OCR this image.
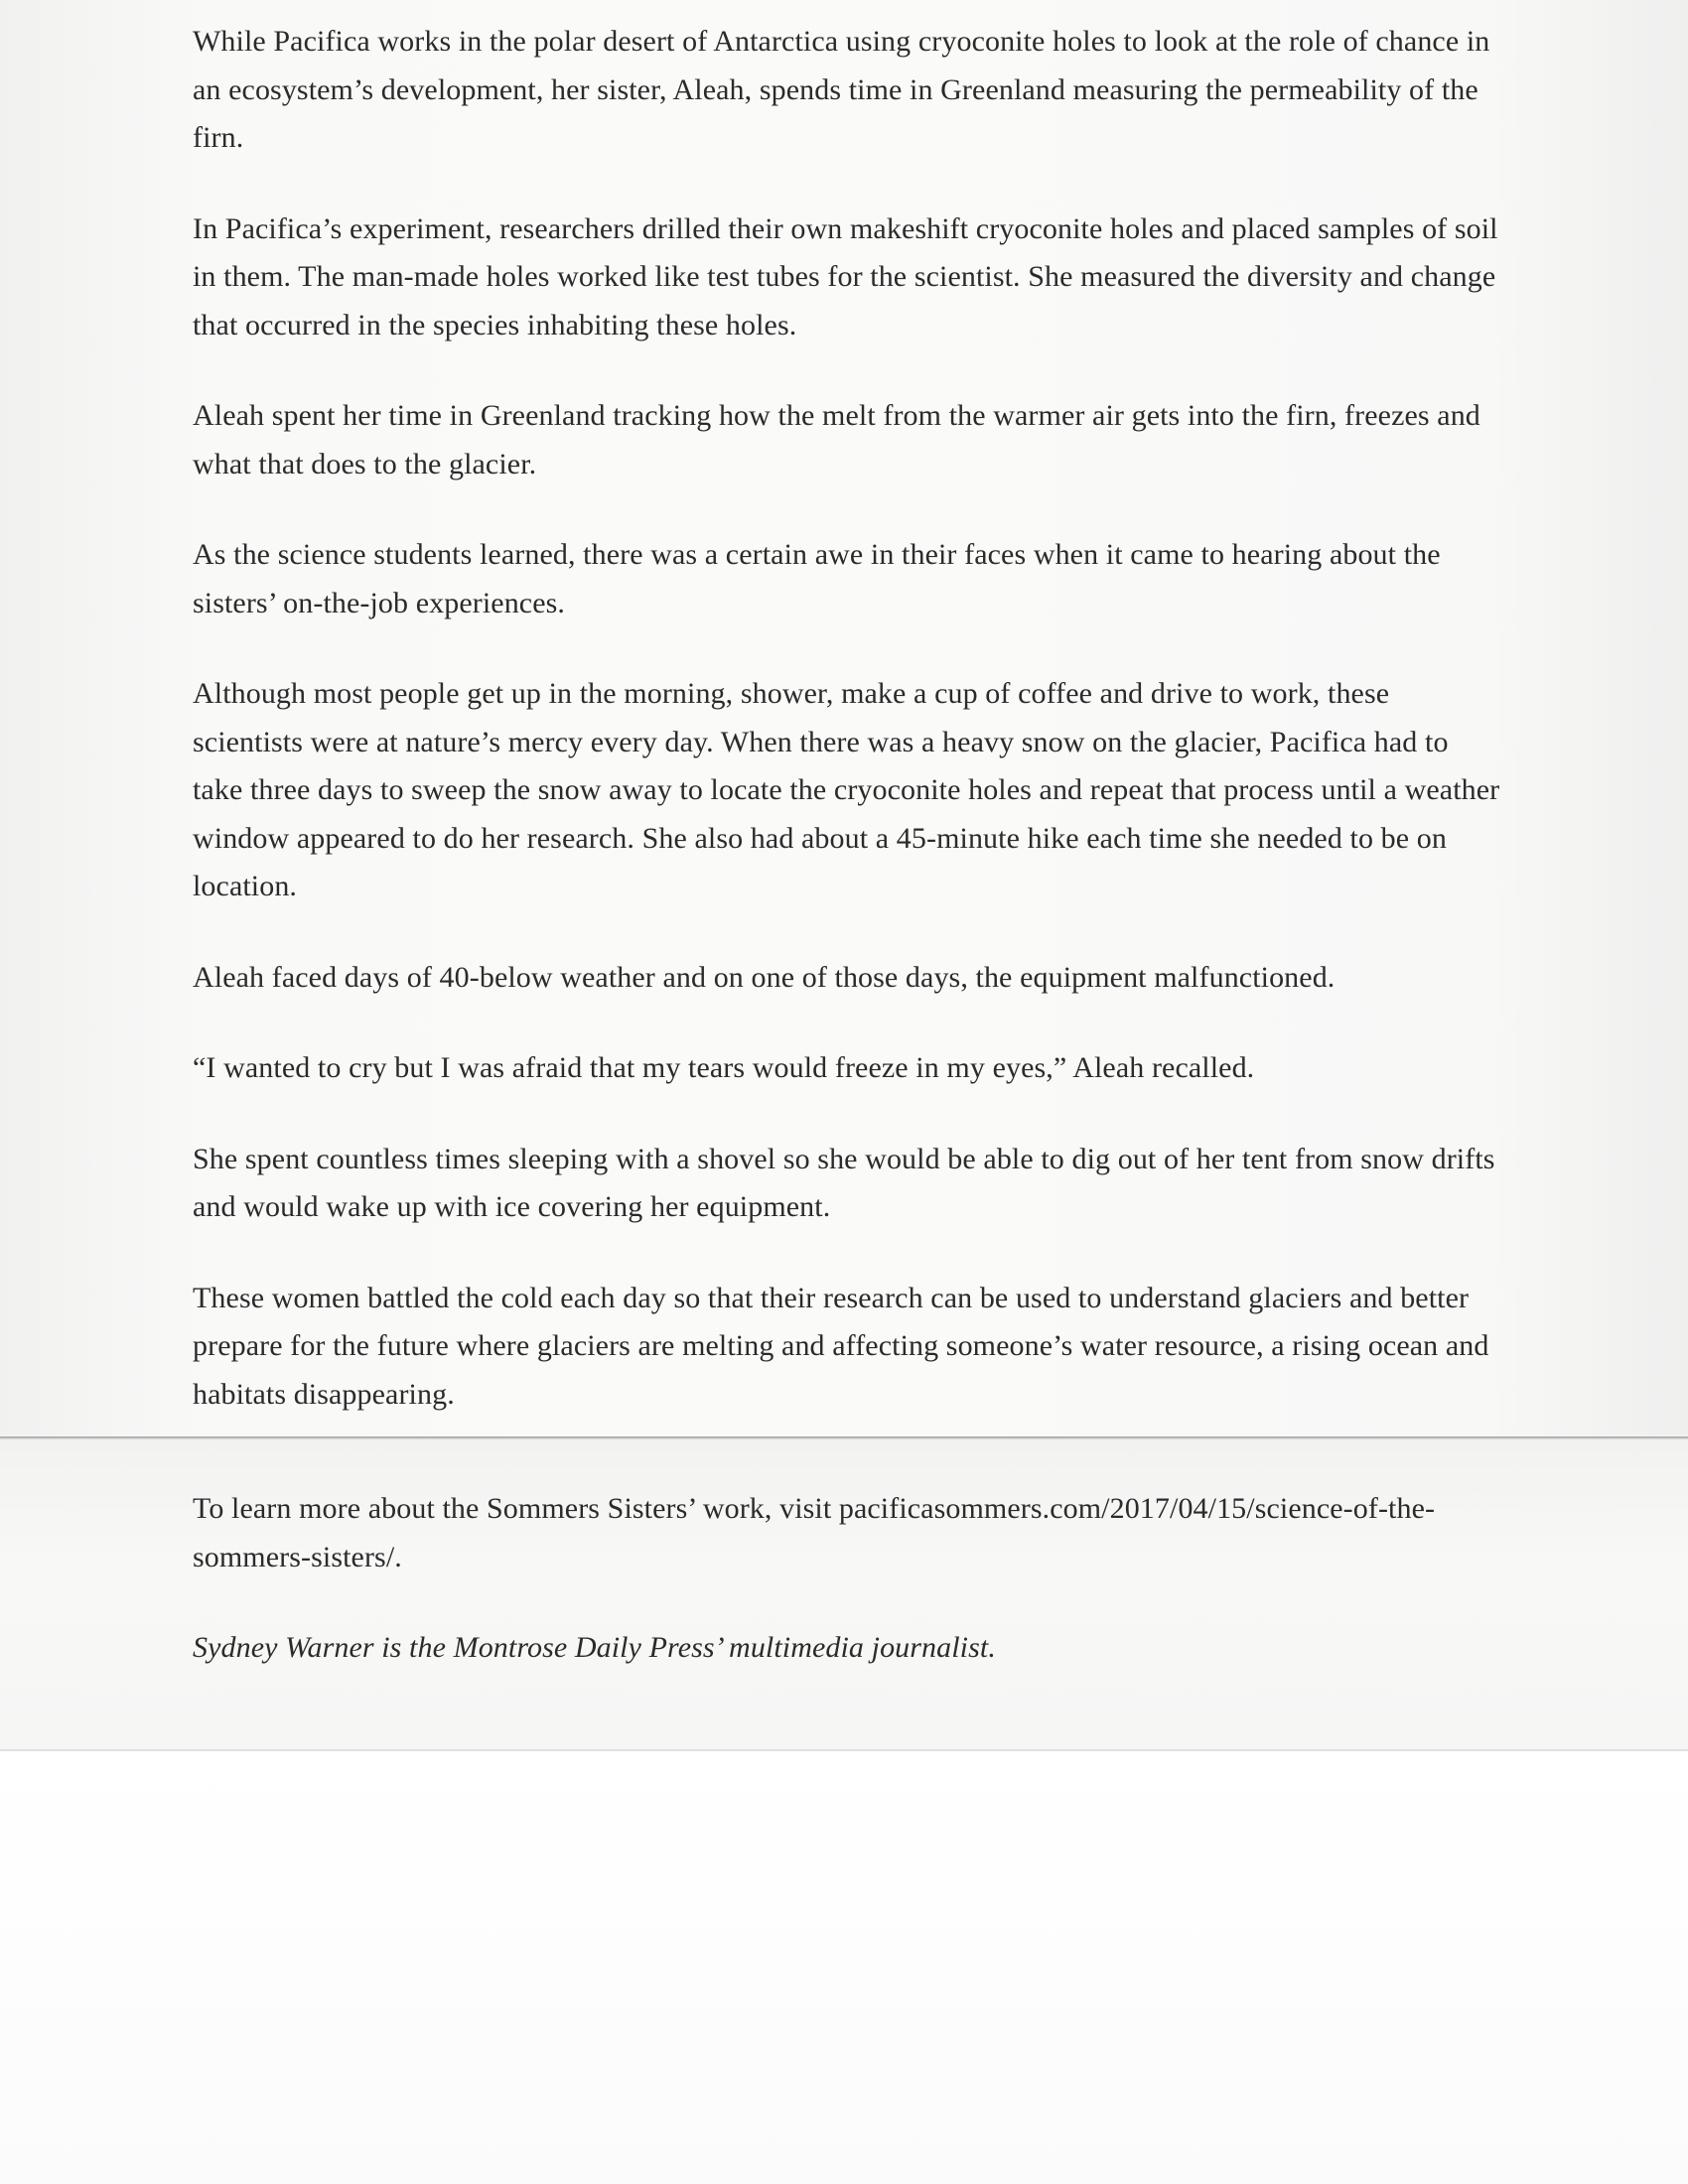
While Pacifica works in the polar desert of Antarctica using cryoconite holes to look at the role of chance in an ecosystem’s development, her sister, Aleah, spends time in Greenland measuring the permeability of the firn.

In Pacifica’s experiment, researchers drilled their own makeshift cryoconite holes and placed samples of soil in them. The man-made holes worked like test tubes for the scientist. She measured the diversity and change that occurred in the species inhabiting these holes.

Aleah spent her time in Greenland tracking how the melt from the warmer air gets into the firn, freezes and what that does to the glacier.

As the science students learned, there was a certain awe in their faces when it came to hearing about the sisters’ on-the-job experiences.

Although most people get up in the morning, shower, make a cup of coffee and drive to work, these scientists were at nature’s mercy every day. When there was a heavy snow on the glacier, Pacifica had to take three days to sweep the snow away to locate the cryoconite holes and repeat that process until a weather window appeared to do her research. She also had about a 45-minute hike each time she needed to be on location.

Aleah faced days of 40-below weather and on one of those days, the equipment malfunctioned.

“I wanted to cry but I was afraid that my tears would freeze in my eyes,” Aleah recalled.

She spent countless times sleeping with a shovel so she would be able to dig out of her tent from snow drifts and would wake up with ice covering her equipment.

These women battled the cold each day so that their research can be used to understand glaciers and better prepare for the future where glaciers are melting and affecting someone’s water resource, a rising ocean and habitats disappearing.

To learn more about the Sommers Sisters’ work, visit pacificasommers.com/2017/04/15/science-of-the-sommers-sisters/.

Sydney Warner is the Montrose Daily Press’ multimedia journalist.
